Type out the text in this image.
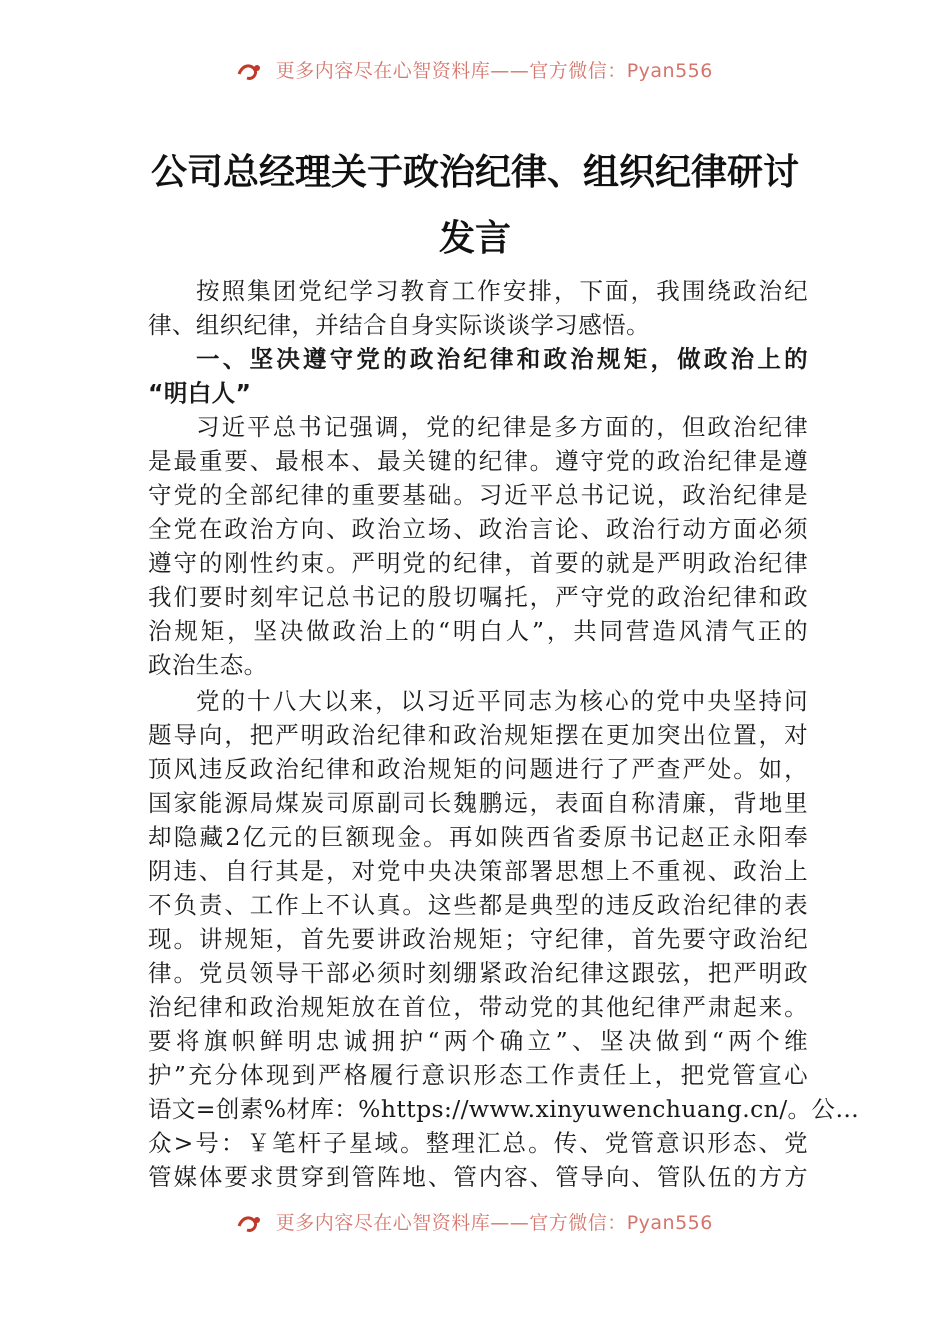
更多内容尽在心智资料库——官方微信：Pyan556
公司总经理关于政治纪律、组织纪律研讨
发言
按照集团党纪学习教育工作安排，下面，我围绕政治纪
律、组织纪律，并结合自身实际谈谈学习感悟。
一、坚决遵守党的政治纪律和政治规矩，做政治上的
“明白人”
习近平总书记强调，党的纪律是多方面的，但政治纪律
是最重要、最根本、最关键的纪律。遵守党的政治纪律是遵
守党的全部纪律的重要基础。习近平总书记说，政治纪律是
全党在政治方向、政治立场、政治言论、政治行动方面必须
遵守的刚性约束。严明党的纪律，首要的就是严明政治纪律
我们要时刻牢记总书记的殷切嘱托，严守党的政治纪律和政
治规矩，坚决做政治上的“明白人”，共同营造风清气正的
政治生态。
党的十八大以来，以习近平同志为核心的党中央坚持问
题导向，把严明政治纪律和政治规矩摆在更加突出位置，对
顶风违反政治纪律和政治规矩的问题进行了严查严处。如，
国家能源局煤炭司原副司长魏鹏远，表面自称清廉，背地里
却隐藏2亿元的巨额现金。再如陕西省委原书记赵正永阳奉
阴违、自行其是，对党中央决策部署思想上不重视、政治上
不负责、工作上不认真。这些都是典型的违反政治纪律的表
现。讲规矩，首先要讲政治规矩；守纪律，首先要守政治纪
律。党员领导干部必须时刻绷紧政治纪律这跟弦，把严明政
治纪律和政治规矩放在首位，带动党的其他纪律严肃起来。
要将旗帜鲜明忠诚拥护“两个确立”、坚决做到“两个维
护”充分体现到严格履行意识形态工作责任上，把党管宣心
语文=创素%材库：%https://www.xinyuwenchuang.cn/。公…
众>号：￥笔杆子星域。整理汇总。传、党管意识形态、党
管媒体要求贯穿到管阵地、管内容、管导向、管队伍的方方
更多内容尽在心智资料库——官方微信：Pyan556
